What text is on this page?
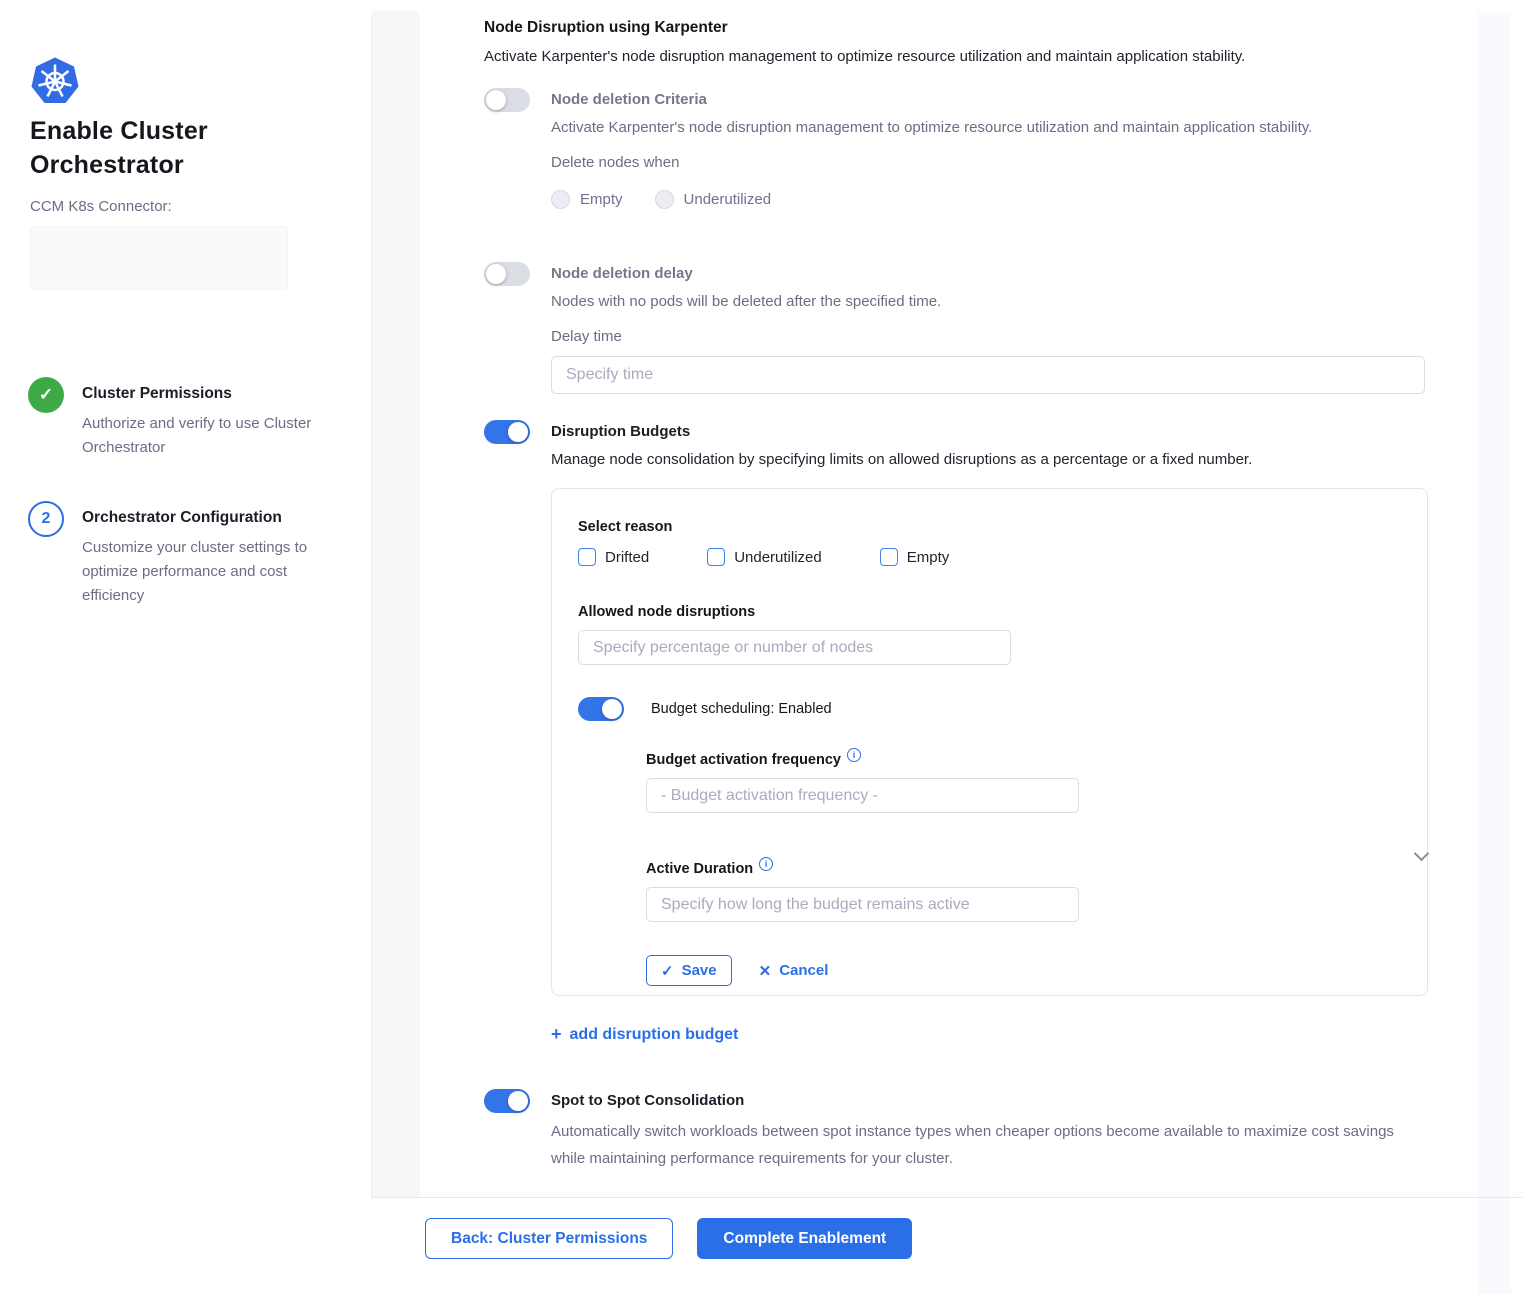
Enable Cluster Orchestrator
CCM K8s Connector:
✓	Cluster Permissions
Authorize and verify to use Cluster Orchestrator
2	Orchestrator Configuration
Customize your cluster settings to optimize performance and cost efficiency
Node Disruption using Karpenter
Activate Karpenter's node disruption management to optimize resource utilization and maintain application stability.
Node deletion Criteria
Activate Karpenter's node disruption management to optimize resource utilization and maintain application stability.
Delete nodes when
Empty	Underutilized
Node deletion delay
Nodes with no pods will be deleted after the specified time.
Delay time
Specify time
Disruption Budgets
Manage node consolidation by specifying limits on allowed disruptions as a percentage or a fixed number.
Select reason
Drifted	Underutilized	Empty
Allowed node disruptions
Specify percentage or number of nodes
Budget scheduling: Enabled
Budget activation frequency i
- Budget activation frequency -
Active Duration i
Specify how long the budget remains active
✓ Save	✕ Cancel
+ add disruption budget
Spot to Spot Consolidation
Automatically switch workloads between spot instance types when cheaper options become available to maximize cost savings while maintaining performance requirements for your cluster.
Back: Cluster Permissions	Complete Enablement
